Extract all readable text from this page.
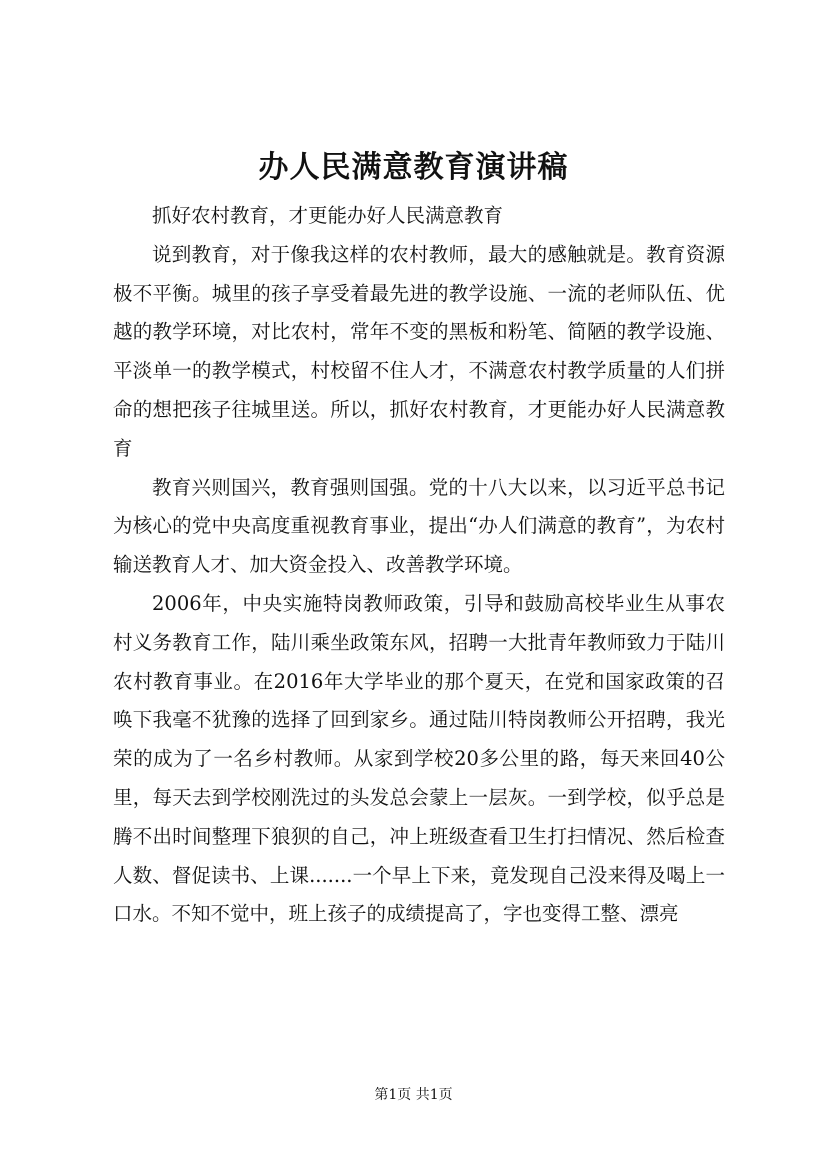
办人民满意教育演讲稿

抓好农村教育，才更能办好人民满意教育

说到教育，对于像我这样的农村教师，最大的感触就是。教育资源极不平衡。城里的孩子享受着最先进的教学设施、一流的老师队伍、优越的教学环境，对比农村，常年不变的黑板和粉笔、简陋的教学设施、平淡单一的教学模式，村校留不住人才，不满意农村教学质量的人们拼命的想把孩子往城里送。所以，抓好农村教育，才更能办好人民满意教育

教育兴则国兴，教育强则国强。党的十八大以来，以习近平总书记为核心的党中央高度重视教育事业，提出“办人们满意的教育”，为农村输送教育人才、加大资金投入、改善教学环境。

2006年，中央实施特岗教师政策，引导和鼓励高校毕业生从事农村义务教育工作，陆川乘坐政策东风，招聘一大批青年教师致力于陆川农村教育事业。在2016年大学毕业的那个夏天，在党和国家政策的召唤下我毫不犹豫的选择了回到家乡。通过陆川特岗教师公开招聘，我光荣的成为了一名乡村教师。从家到学校20多公里的路，每天来回40公里，每天去到学校刚洗过的头发总会蒙上一层灰。一到学校，似乎总是腾不出时间整理下狼狈的自己，冲上班级查看卫生打扫情况、然后检查人数、督促读书、上课.......一个早上下来，竟发现自己没来得及喝上一口水。不知不觉中，班上孩子的成绩提高了，字也变得工整、漂亮

第1页 共1页
